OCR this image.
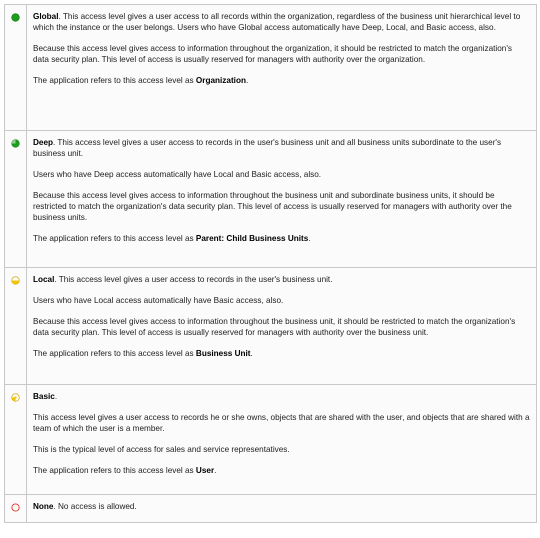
Global. This access level gives a user access to all records within the organization, regardless of the business unit hierarchical level to which the instance or the user belongs. Users who have Global access automatically have Deep, Local, and Basic access, also.

Because this access level gives access to information throughout the organization, it should be restricted to match the organization's data security plan. This level of access is usually reserved for managers with authority over the organization.

The application refers to this access level as Organization.

Deep. This access level gives a user access to records in the user's business unit and all business units subordinate to the user's business unit.

Users who have Deep access automatically have Local and Basic access, also.

Because this access level gives access to information throughout the business unit and subordinate business units, it should be restricted to match the organization's data security plan. This level of access is usually reserved for managers with authority over the business units.

The application refers to this access level as Parent: Child Business Units.

Local. This access level gives a user access to records in the user's business unit.

Users who have Local access automatically have Basic access, also.

Because this access level gives access to information throughout the business unit, it should be restricted to match the organization's data security plan. This level of access is usually reserved for managers with authority over the business unit.

The application refers to this access level as Business Unit.

Basic.

This access level gives a user access to records he or she owns, objects that are shared with the user, and objects that are shared with a team of which the user is a member.

This is the typical level of access for sales and service representatives.

The application refers to this access level as User.

None. No access is allowed.
